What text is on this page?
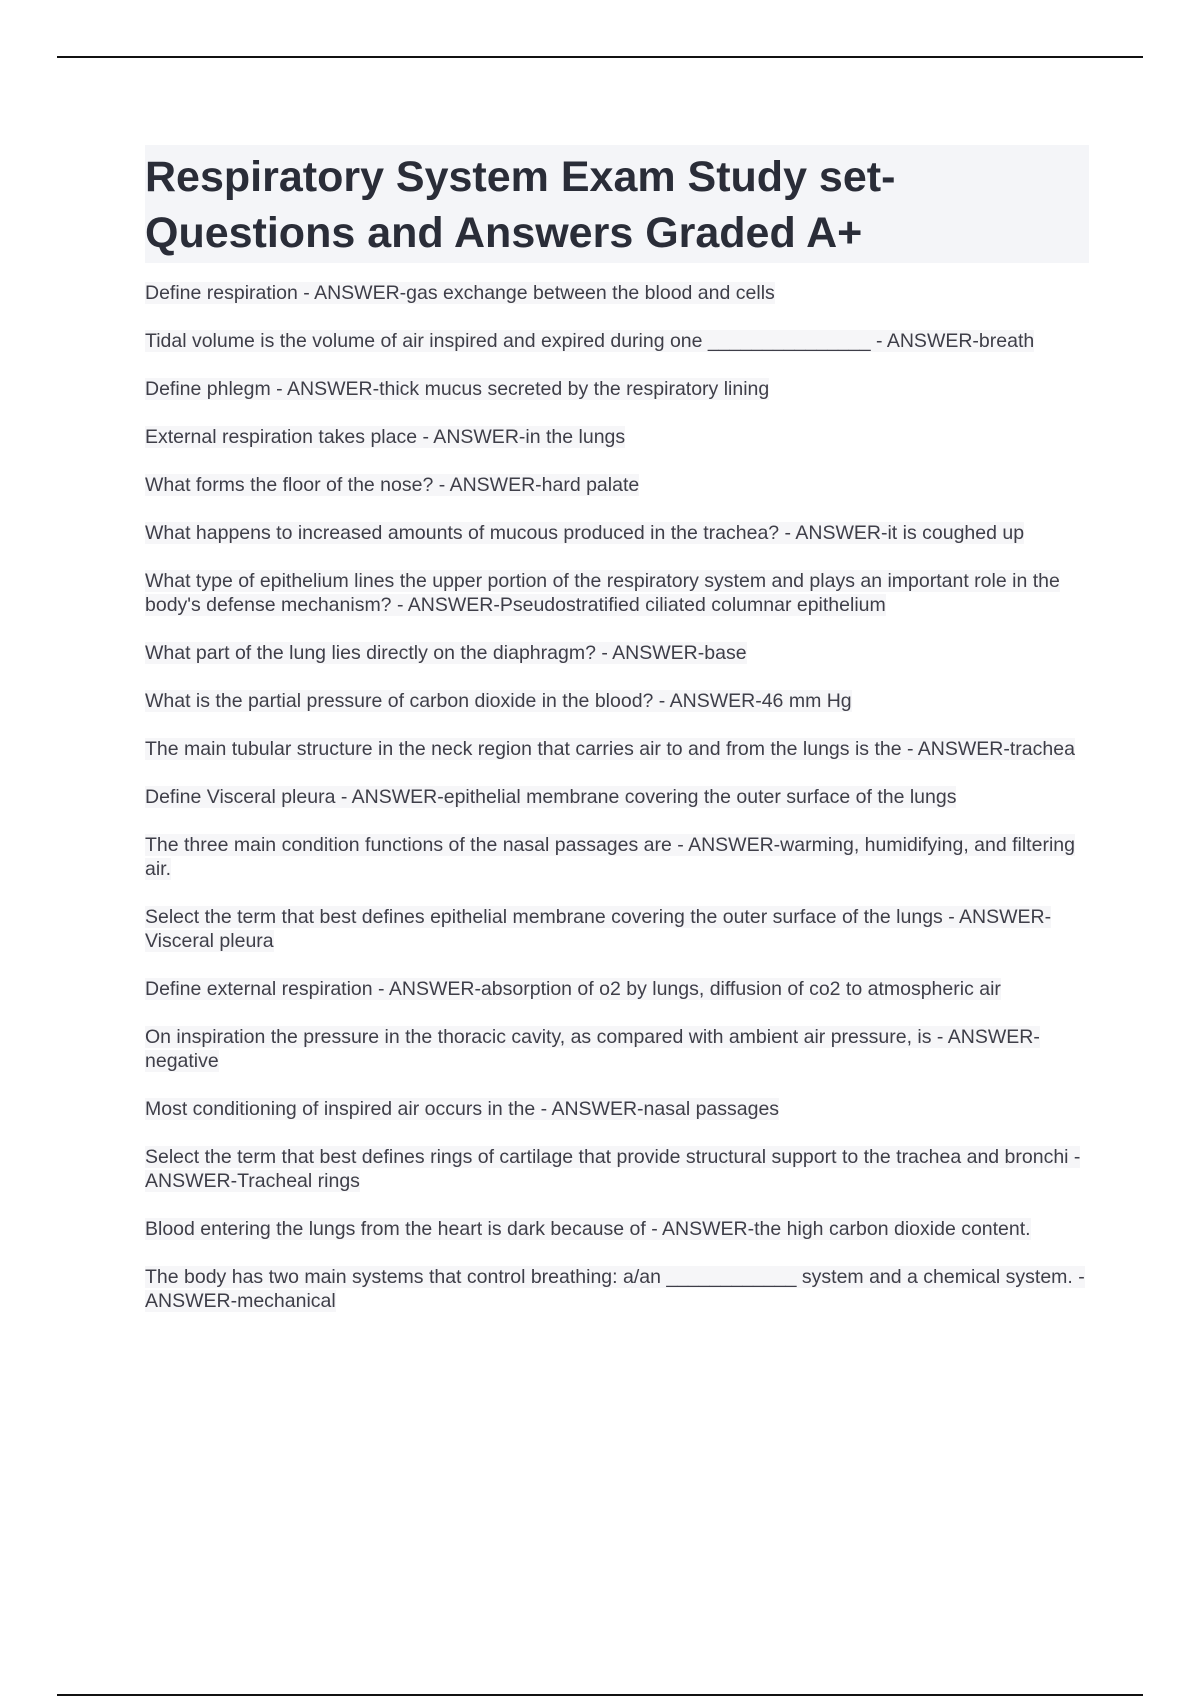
Respiratory System Exam Study set- Questions and Answers Graded A+
Define respiration - ANSWER-gas exchange between the blood and cells
Tidal volume is the volume of air inspired and expired during one _______________ - ANSWER-breath
Define phlegm - ANSWER-thick mucus secreted by the respiratory lining
External respiration takes place - ANSWER-in the lungs
What forms the floor of the nose? - ANSWER-hard palate
What happens to increased amounts of mucous produced in the trachea? - ANSWER-it is coughed up
What type of epithelium lines the upper portion of the respiratory system and plays an important role in the body's defense mechanism? - ANSWER-Pseudostratified ciliated columnar epithelium
What part of the lung lies directly on the diaphragm? - ANSWER-base
What is the partial pressure of carbon dioxide in the blood? - ANSWER-46 mm Hg
The main tubular structure in the neck region that carries air to and from the lungs is the - ANSWER-trachea
Define Visceral pleura - ANSWER-epithelial membrane covering the outer surface of the lungs
The three main condition functions of the nasal passages are - ANSWER-warming, humidifying, and filtering air.
Select the term that best defines epithelial membrane covering the outer surface of the lungs - ANSWER-Visceral pleura
Define external respiration - ANSWER-absorption of o2 by lungs, diffusion of co2 to atmospheric air
On inspiration the pressure in the thoracic cavity, as compared with ambient air pressure, is - ANSWER-negative
Most conditioning of inspired air occurs in the - ANSWER-nasal passages
Select the term that best defines rings of cartilage that provide structural support to the trachea and bronchi - ANSWER-Tracheal rings
Blood entering the lungs from the heart is dark because of - ANSWER-the high carbon dioxide content.
The body has two main systems that control breathing: a/an ____________ system and a chemical system. - ANSWER-mechanical
